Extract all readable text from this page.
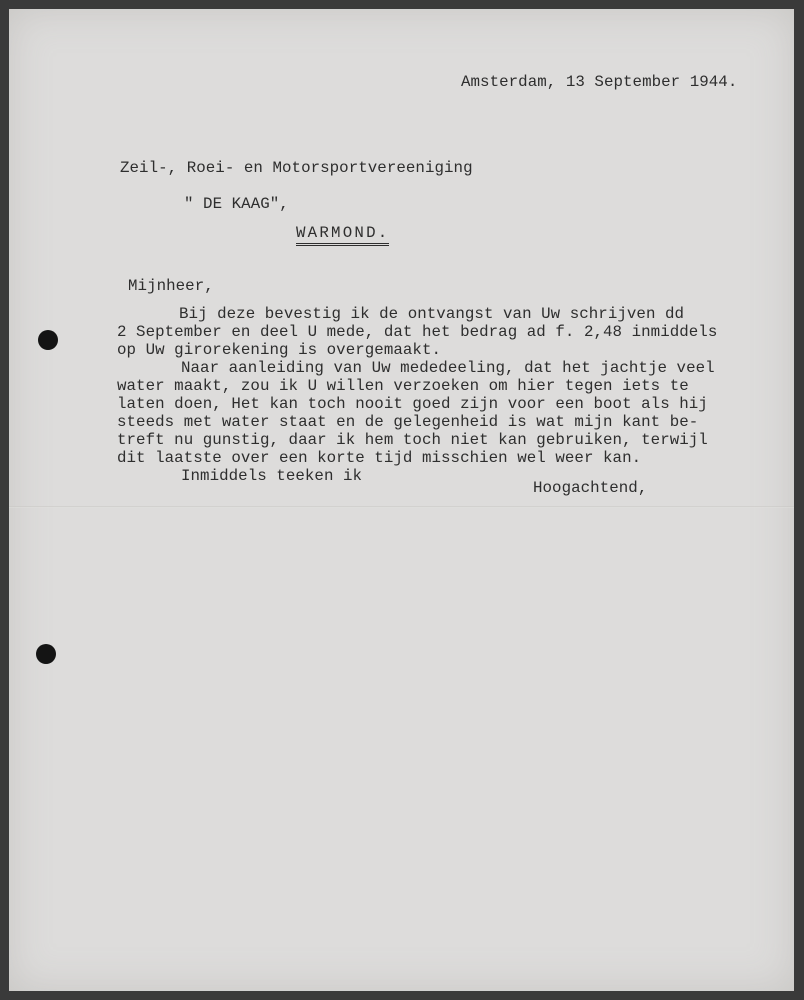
Amsterdam, 13 September 1944.

Zeil-, Roei- en Motorsportvereeniging

" DE KAAG",

WARMOND.

Mijnheer,

Bij deze bevestig ik de ontvangst van Uw schrijven dd

2 September en deel U mede, dat het bedrag ad f. 2,48 inmiddels

op Uw girorekening is overgemaakt.

Naar aanleiding van Uw mededeeling, dat het jachtje veel

water maakt, zou ik U willen verzoeken om hier tegen iets te

laten doen, Het kan toch nooit goed zijn voor een boot als hij

steeds met water staat en de gelegenheid is wat mijn kant be-

treft nu gunstig, daar ik hem toch niet kan gebruiken, terwijl

dit laatste over een korte tijd misschien wel weer kan.

Inmiddels teeken ik

Hoogachtend,
